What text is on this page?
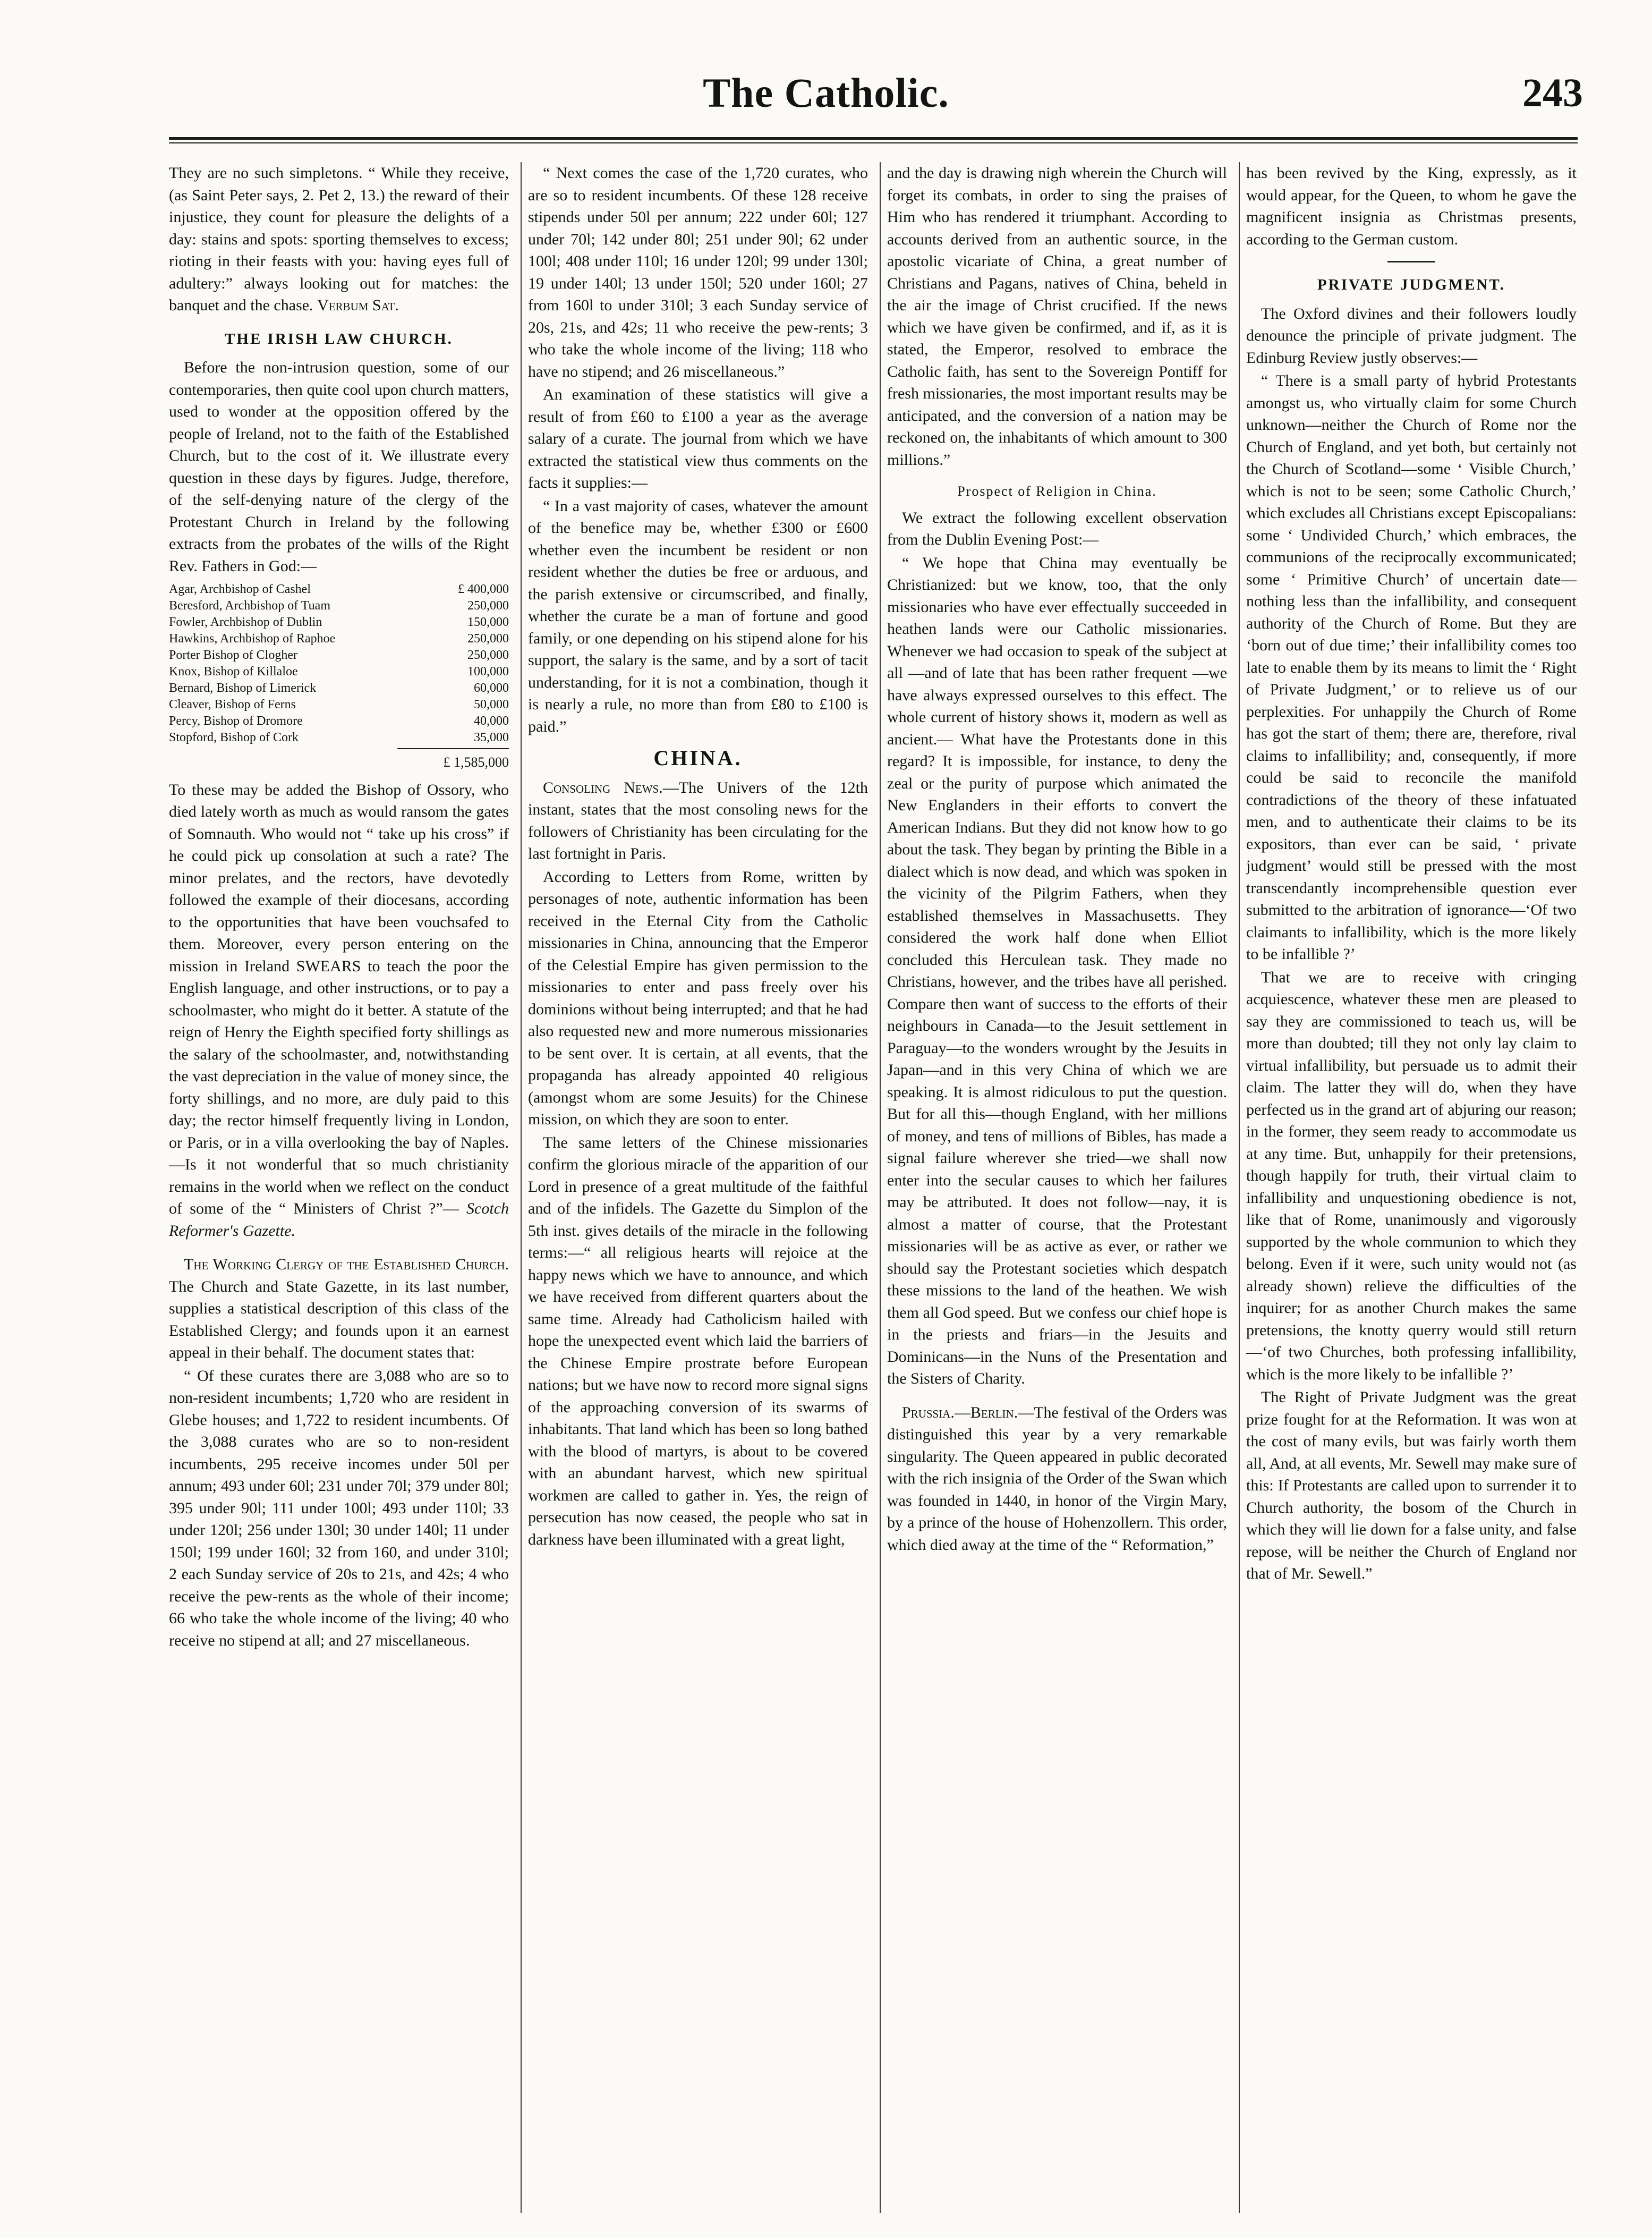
The Catholic.	243

They are no such simpletons. “ While they receive,(as Saint Peter says, 2. Pet 2, 13.) the reward of their injustice, they count for pleasure the delights of a day: stains and spots: sporting themselves to excess; rioting in their feasts with you: having eyes full of adultery:” always looking out for matches: the banquet and the chase. Verbum Sat.

THE IRISH LAW CHURCH.

Before the non-intrusion question, some of our contemporaries, then quite cool upon church matters, used to wonder at the opposition offered by the people of Ireland, not to the faith of the Established Church, but to the cost of it. We illustrate every question in these days by figures. Judge, therefore, of the self-denying nature of the clergy of the Protestant Church in Ireland by the following extracts from the probates of the wills of the Right Rev. Fathers in God:—

Agar, Archbishop of Cashel	£ 400,000
Beresford, Archbishop of Tuam	250,000
Fowler, Archbishop of Dublin	150,000
Hawkins, Archbishop of Raphoe	250,000
Porter Bishop of Clogher	250,000
Knox, Bishop of Killaloe	100,000
Bernard, Bishop of Limerick	60,000
Cleaver, Bishop of Ferns	50,000
Percy, Bishop of Dromore	40,000
Stopford, Bishop of Cork	35,000
£ 1,585,000

To these may be added the Bishop of Ossory, who died lately worth as much as would ransom the gates of Somnauth. Who would not “ take up his cross” if he could pick up consolation at such a rate? The minor prelates, and the rectors, have devotedly followed the example of their diocesans, according to the opportunities that have been vouchsafed to them. Moreover, every person entering on the mission in Ireland SWEARS to teach the poor the English language, and other instructions, or to pay a schoolmaster, who might do it better. A statute of the reign of Henry the Eighth specified forty shillings as the salary of the schoolmaster, and, notwithstanding the vast depreciation in the value of money since, the forty shillings, and no more, are duly paid to this day; the rector himself frequently living in London, or Paris, or in a villa overlooking the bay of Naples.—Is it not wonderful that so much christianity remains in the world when we reflect on the conduct of some of the “ Ministers of Christ ?”— Scotch Reformer's Gazette.

The Working Clergy of the Established Church. The Church and State Gazette, in its last number, supplies a statistical description of this class of the Established Clergy; and founds upon it an earnest appeal in their behalf. The document states that:

“ Of these curates there are 3,088 who are so to non-resident incumbents; 1,720 who are resident in Glebe houses; and 1,722 to resident incumbents. Of the 3,088 curates who are so to non-resident incumbents, 295 receive incomes under 50l per annum; 493 under 60l; 231 under 70l; 379 under 80l; 395 under 90l; 111 under 100l; 493 under 110l; 33 under 120l; 256 under 130l; 30 under 140l; 11 under 150l; 199 under 160l; 32 from 160, and under 310l; 2 each Sunday service of 20s to 21s, and 42s; 4 who receive the pew-rents as the whole of their income; 66 who take the whole income of the living; 40 who receive no stipend at all; and 27 miscellaneous.

“ Next comes the case of the 1,720 curates, who are so to resident incumbents. Of these 128 receive stipends under 50l per annum; 222 under 60l; 127 under 70l; 142 under 80l; 251 under 90l; 62 under 100l; 408 under 110l; 16 under 120l; 99 under 130l; 19 under 140l; 13 under 150l; 520 under 160l; 27 from 160l to under 310l; 3 each Sunday service of 20s, 21s, and 42s; 11 who receive the pew-rents; 3 who take the whole income of the living; 118 who have no stipend; and 26 miscellaneous.”

An examination of these statistics will give a result of from £60 to £100 a year as the average salary of a curate. The journal from which we have extracted the statistical view thus comments on the facts it supplies:—

“ In a vast majority of cases, whatever the amount of the benefice may be, whether £300 or £600 whether even the incumbent be resident or non resident whether the duties be free or arduous, and the parish extensive or circumscribed, and finally, whether the curate be a man of fortune and good family, or one depending on his stipend alone for his support, the salary is the same, and by a sort of tacit understanding, for it is not a combination, though it is nearly a rule, no more than from £80 to £100 is paid.”

CHINA.

Consoling News.—The Univers of the 12th instant, states that the most consoling news for the followers of Christianity has been circulating for the last fortnight in Paris.

According to Letters from Rome, written by personages of note, authentic information has been received in the Eternal City from the Catholic missionaries in China, announcing that the Emperor of the Celestial Empire has given permission to the missionaries to enter and pass freely over his dominions without being interrupted; and that he had also requested new and more numerous missionaries to be sent over. It is certain, at all events, that the propaganda has already appointed 40 religious (amongst whom are some Jesuits) for the Chinese mission, on which they are soon to enter.

The same letters of the Chinese missionaries confirm the glorious miracle of the apparition of our Lord in presence of a great multitude of the faithful and of the infidels. The Gazette du Simplon of the 5th inst. gives details of the miracle in the following terms:—“ all religious hearts will rejoice at the happy news which we have to announce, and which we have received from different quarters about the same time. Already had Catholicism hailed with hope the unexpected event which laid the barriers of the Chinese Empire prostrate before European nations; but we have now to record more signal signs of the approaching conversion of its swarms of inhabitants. That land which has been so long bathed with the blood of martyrs, is about to be covered with an abundant harvest, which new spiritual workmen are called to gather in. Yes, the reign of persecution has now ceased, the people who sat in darkness have been illuminated with a great light,

and the day is drawing nigh wherein the Church will forget its combats, in order to sing the praises of Him who has rendered it triumphant. According to accounts derived from an authentic source, in the apostolic vicariate of China, a great number of Christians and Pagans, natives of China, beheld in the air the image of Christ crucified. If the news which we have given be confirmed, and if, as it is stated, the Emperor, resolved to embrace the Catholic faith, has sent to the Sovereign Pontiff for fresh missionaries, the most important results may be anticipated, and the conversion of a nation may be reckoned on, the inhabitants of which amount to 300 millions.”

Prospect of Religion in China.

We extract the following excellent observation from the Dublin Evening Post:—

“ We hope that China may eventually be Christianized: but we know, too, that the only missionaries who have ever effectually succeeded in heathen lands were our Catholic missionaries. Whenever we had occasion to speak of the subject at all —and of late that has been rather frequent —we have always expressed ourselves to this effect. The whole current of history shows it, modern as well as ancient.— What have the Protestants done in this regard? It is impossible, for instance, to deny the zeal or the purity of purpose which animated the New Englanders in their efforts to convert the American Indians. But they did not know how to go about the task. They began by printing the Bible in a dialect which is now dead, and which was spoken in the vicinity of the Pilgrim Fathers, when they established themselves in Massachusetts. They considered the work half done when Elliot concluded this Herculean task. They made no Christians, however, and the tribes have all perished. Compare then want of success to the efforts of their neighbours in Canada—to the Jesuit settlement in Paraguay—to the wonders wrought by the Jesuits in Japan—and in this very China of which we are speaking. It is almost ridiculous to put the question. But for all this—though England, with her millions of money, and tens of millions of Bibles, has made a signal failure wherever she tried—we shall now enter into the secular causes to which her failures may be attributed. It does not follow—nay, it is almost a matter of course, that the Protestant missionaries will be as active as ever, or rather we should say the Protestant societies which despatch these missions to the land of the heathen. We wish them all God speed. But we confess our chief hope is in the priests and friars—in the Jesuits and Dominicans—in the Nuns of the Presentation and the Sisters of Charity.

Prussia.—Berlin.—The festival of the Orders was distinguished this year by a very remarkable singularity. The Queen appeared in public decorated with the rich insignia of the Order of the Swan which was founded in 1440, in honor of the Virgin Mary, by a prince of the house of Hohenzollern. This order, which died away at the time of the “ Reformation,”

has been revived by the King, expressly, as it would appear, for the Queen, to whom he gave the magnificent insignia as Christmas presents, according to the German custom.

PRIVATE JUDGMENT.

The Oxford divines and their followers loudly denounce the principle of private judgment. The Edinburg Review justly observes:—

“ There is a small party of hybrid Protestants amongst us, who virtually claim for some Church unknown—neither the Church of Rome nor the Church of England, and yet both, but certainly not the Church of Scotland—some ‘ Visible Church,’ which is not to be seen; some Catholic Church,’ which excludes all Christians except Episcopalians: some ‘ Undivided Church,’ which embraces, the communions of the reciprocally excommunicated; some ‘ Primitive Church’ of uncertain date—nothing less than the infallibility, and consequent authority of the Church of Rome. But they are ‘born out of due time;’ their infallibility comes too late to enable them by its means to limit the ‘ Right of Private Judgment,’ or to relieve us of our perplexities. For unhappily the Church of Rome has got the start of them; there are, therefore, rival claims to infallibility; and, consequently, if more could be said to reconcile the manifold contradictions of the theory of these infatuated men, and to authenticate their claims to be its expositors, than ever can be said, ‘ private judgment’ would still be pressed with the most transcendantly incomprehensible question ever submitted to the arbitration of ignorance—‘Of two claimants to infallibility, which is the more likely to be infallible ?’

That we are to receive with cringing acquiescence, whatever these men are pleased to say they are commissioned to teach us, will be more than doubted; till they not only lay claim to virtual infallibility, but persuade us to admit their claim. The latter they will do, when they have perfected us in the grand art of abjuring our reason; in the former, they seem ready to accommodate us at any time. But, unhappily for their pretensions, though happily for truth, their virtual claim to infallibility and unquestioning obedience is not, like that of Rome, unanimously and vigorously supported by the whole communion to which they belong. Even if it were, such unity would not (as already shown) relieve the difficulties of the inquirer; for as another Church makes the same pretensions, the knotty querry would still return—‘of two Churches, both professing infallibility, which is the more likely to be infallible ?’

The Right of Private Judgment was the great prize fought for at the Reformation. It was won at the cost of many evils, but was fairly worth them all, And, at all events, Mr. Sewell may make sure of this: If Protestants are called upon to surrender it to Church authority, the bosom of the Church in which they will lie down for a false unity, and false repose, will be neither the Church of England nor that of Mr. Sewell.”
